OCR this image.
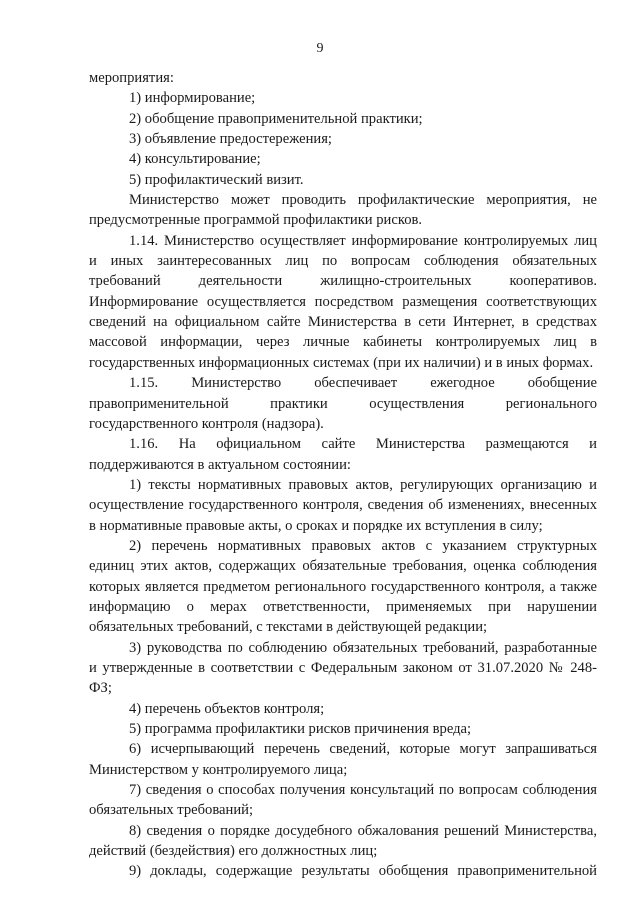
9
мероприятия:
1) информирование;
2) обобщение правоприменительной практики;
3) объявление предостережения;
4) консультирование;
5) профилактический визит.
Министерство может проводить профилактические мероприятия, не
предусмотренные программой профилактики рисков.
1.14. Министерство осуществляет информирование контролируемых лиц
и иных заинтересованных лиц по вопросам соблюдения обязательных
требований деятельности жилищно-строительных кооперативов.
Информирование осуществляется посредством размещения соответствующих
сведений на официальном сайте Министерства в сети Интернет, в средствах
массовой информации, через личные кабинеты контролируемых лиц в
государственных информационных системах (при их наличии) и в иных формах.
1.15. Министерство обеспечивает ежегодное обобщение
правоприменительной практики осуществления регионального
государственного контроля (надзора).
1.16. На официальном сайте Министерства размещаются и
поддерживаются в актуальном состоянии:
1) тексты нормативных правовых актов, регулирующих организацию и
осуществление государственного контроля, сведения об изменениях, внесенных
в нормативные правовые акты, о сроках и порядке их вступления в силу;
2) перечень нормативных правовых актов с указанием структурных
единиц этих актов, содержащих обязательные требования, оценка соблюдения
которых является предметом регионального государственного контроля, а также
информацию о мерах ответственности, применяемых при нарушении
обязательных требований, с текстами в действующей редакции;
3) руководства по соблюдению обязательных требований, разработанные
и утвержденные в соответствии с Федеральным законом от 31.07.2020 № 248-
ФЗ;
4) перечень объектов контроля;
5) программа профилактики рисков причинения вреда;
6) исчерпывающий перечень сведений, которые могут запрашиваться
Министерством у контролируемого лица;
7) сведения о способах получения консультаций по вопросам соблюдения
обязательных требований;
8) сведения о порядке досудебного обжалования решений Министерства,
действий (бездействия) его должностных лиц;
9) доклады, содержащие результаты обобщения правоприменительной
